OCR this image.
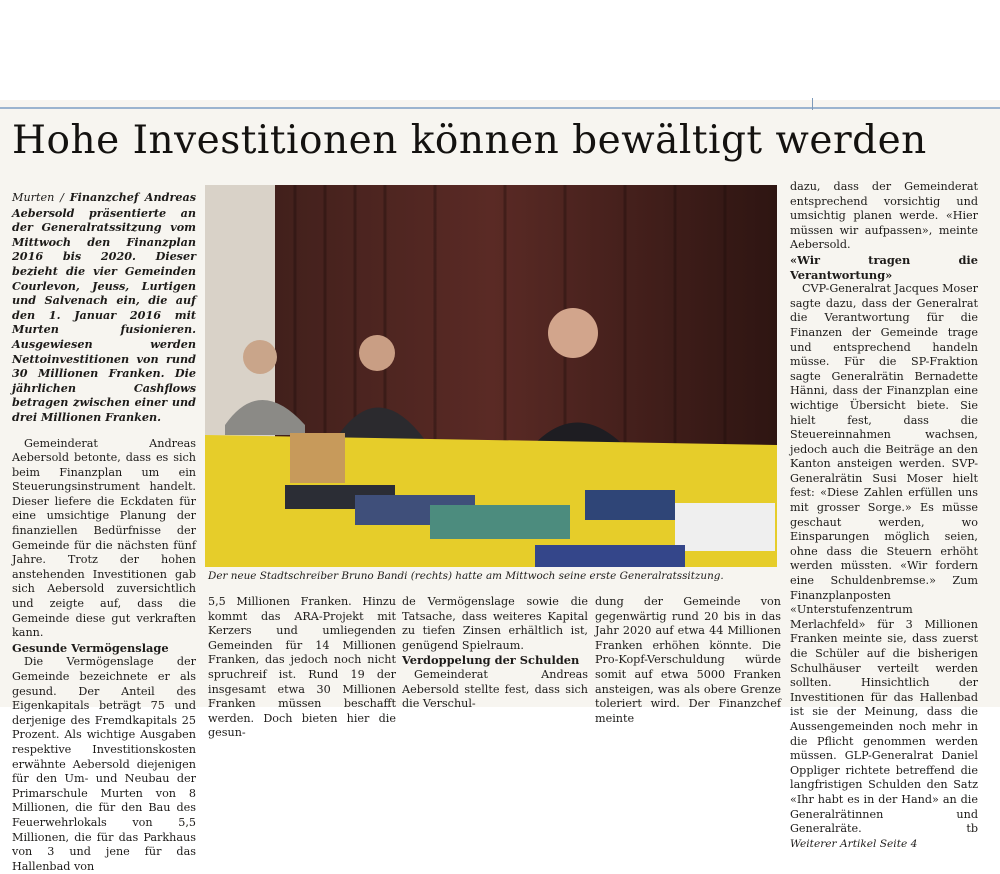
Hohe Investitionen können bewältigt werden

Murten / Finanzchef Andreas Aebersold präsentierte an der Generalratssitzung vom Mittwoch den Finanzplan 2016 bis 2020. Dieser bezieht die vier Gemeinden Courlevon, Jeuss, Lurtigen und Salvenach ein, die auf den 1. Januar 2016 mit Murten fusionieren. Ausgewiesen werden Nettoinvestitionen von rund 30 Millionen Franken. Die jährlichen Cashflows betragen zwischen einer und drei Millionen Franken.

Gemeinderat Andreas Aebersold betonte, dass es sich beim Finanzplan um ein Steuerungsinstrument handelt. Dieser liefere die Eckdaten für eine umsichtige Planung der finanziellen Bedürfnisse der Gemeinde für die nächsten fünf Jahre. Trotz der hohen anstehenden Investitionen gab sich Aebersold zuversichtlich und zeigte auf, dass die Gemeinde diese gut verkraften kann.

Gesunde Vermögenslage

Die Vermögenslage der Gemeinde bezeichnete er als gesund. Der Anteil des Eigenkapitals beträgt 75 und derjenige des Fremdkapitals 25 Prozent. Als wichtige Ausgaben respektive Investitionskosten erwähnte Aebersold diejenigen für den Um- und Neubau der Primarschule Murten von 8 Millionen, die für den Bau des Feuerwehrlokals von 5,5 Millionen, die für das Parkhaus von 3 und jene für das Hallenbad von

Der neue Stadtschreiber Bruno Bandi (rechts) hatte am Mittwoch seine erste Generalratssitzung.

5,5 Millionen Franken. Hinzu kommt das ARA-Projekt mit Kerzers und umliegenden Gemeinden für 14 Millionen Franken, das jedoch noch nicht spruchreif ist. Rund 19 der insgesamt etwa 30 Millionen Franken müssen beschafft werden. Doch bieten hier die gesun-

de Vermögenslage sowie die Tatsache, dass weiteres Kapital zu tiefen Zinsen erhältlich ist, genügend Spielraum.

Verdoppelung der Schulden

Gemeinderat Andreas Aebersold stellte fest, dass sich die Verschul-

dung der Gemeinde von gegenwärtig rund 20 bis in das Jahr 2020 auf etwa 44 Millionen Franken erhöhen könnte. Die Pro-Kopf-Verschuldung würde somit auf etwa 5000 Franken ansteigen, was als obere Grenze toleriert wird. Der Finanzchef meinte

dazu, dass der Gemeinderat entsprechend vorsichtig und umsichtig planen werde. «Hier müssen wir aufpassen», meinte Aebersold.

«Wir tragen die Verantwortung»

CVP-Generalrat Jacques Moser sagte dazu, dass der Generalrat die Verantwortung für die Finanzen der Gemeinde trage und entsprechend handeln müsse. Für die SP-Fraktion sagte Generalrätin Bernadette Hänni, dass der Finanzplan eine wichtige Übersicht biete. Sie hielt fest, dass die Steuereinnahmen wachsen, jedoch auch die Beiträge an den Kanton ansteigen werden. SVP-Generalrätin Susi Moser hielt fest: «Diese Zahlen erfüllen uns mit grosser Sorge.» Es müsse geschaut werden, wo Einsparungen möglich seien, ohne dass die Steuern erhöht werden müssten. «Wir fordern eine Schuldenbremse.» Zum Finanzplanposten «Unterstufenzentrum Merlachfeld» für 3 Millionen Franken meinte sie, dass zuerst die Schüler auf die bisherigen Schulhäuser verteilt werden sollten. Hinsichtlich der Investitionen für das Hallenbad ist sie der Meinung, dass die Aussengemeinden noch mehr in die Pflicht genommen werden müssen. GLP-Generalrat Daniel Oppliger richtete betreffend die langfristigen Schulden den Satz «Ihr habt es in der Hand» an die Generalrätinnen und Generalräte.	tb

Weiterer Artikel Seite 4
